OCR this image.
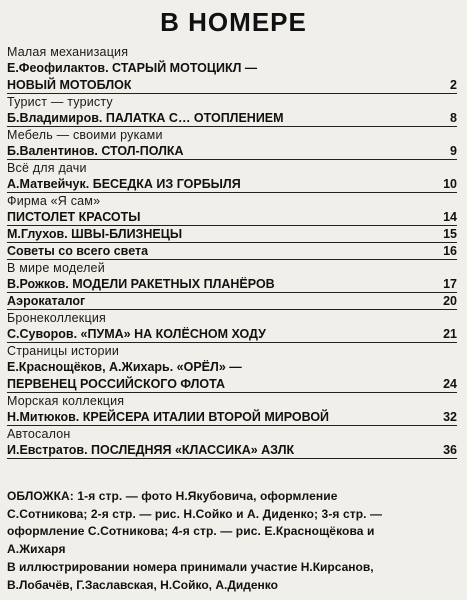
В НОМЕРЕ
Малая механизация
Е.Феофилактов. СТАРЫЙ МОТОЦИКЛ —
НОВЫЙ МОТОБЛОК	2
Турист — туристу
Б.Владимиров. ПАЛАТКА С… ОТОПЛЕНИЕМ	8
Мебель — своими руками
Б.Валентинов. СТОЛ-ПОЛКА	9
Всё для дачи
А.Матвейчук. БЕСЕДКА ИЗ ГОРБЫЛЯ	10
Фирма «Я сам»
ПИСТОЛЕТ КРАСОТЫ	14
М.Глухов. ШВЫ-БЛИЗНЕЦЫ	15
Советы со всего света	16
В мире моделей
В.Рожков. МОДЕЛИ РАКЕТНЫХ ПЛАНЁРОВ	17
Аэрокаталог	20
Бронеколлекция
С.Суворов. «ПУМА» НА КОЛЁСНОМ ХОДУ	21
Страницы истории
Е.Краснощёков, А.Жихарь. «ОРЁЛ» —
ПЕРВЕНЕЦ РОССИЙСКОГО ФЛОТА	24
Морская коллекция
Н.Митюков. КРЕЙСЕРА ИТАЛИИ ВТОРОЙ МИРОВОЙ	32
Автосалон
И.Евстратов. ПОСЛЕДНЯЯ «КЛАССИКА» АЗЛК	36
ОБЛОЖКА: 1-я стр. — фото Н.Якубовича, оформление
С.Сотникова; 2-я стр. — рис. Н.Сойко и А. Диденко; 3-я стр. —
оформление С.Сотникова; 4-я стр. — рис. Е.Краснощёкова и
А.Жихаря
В иллюстрировании номера принимали участие Н.Кирсанов,
В.Лобачёв, Г.Заславская, Н.Сойко, А.Диденко
